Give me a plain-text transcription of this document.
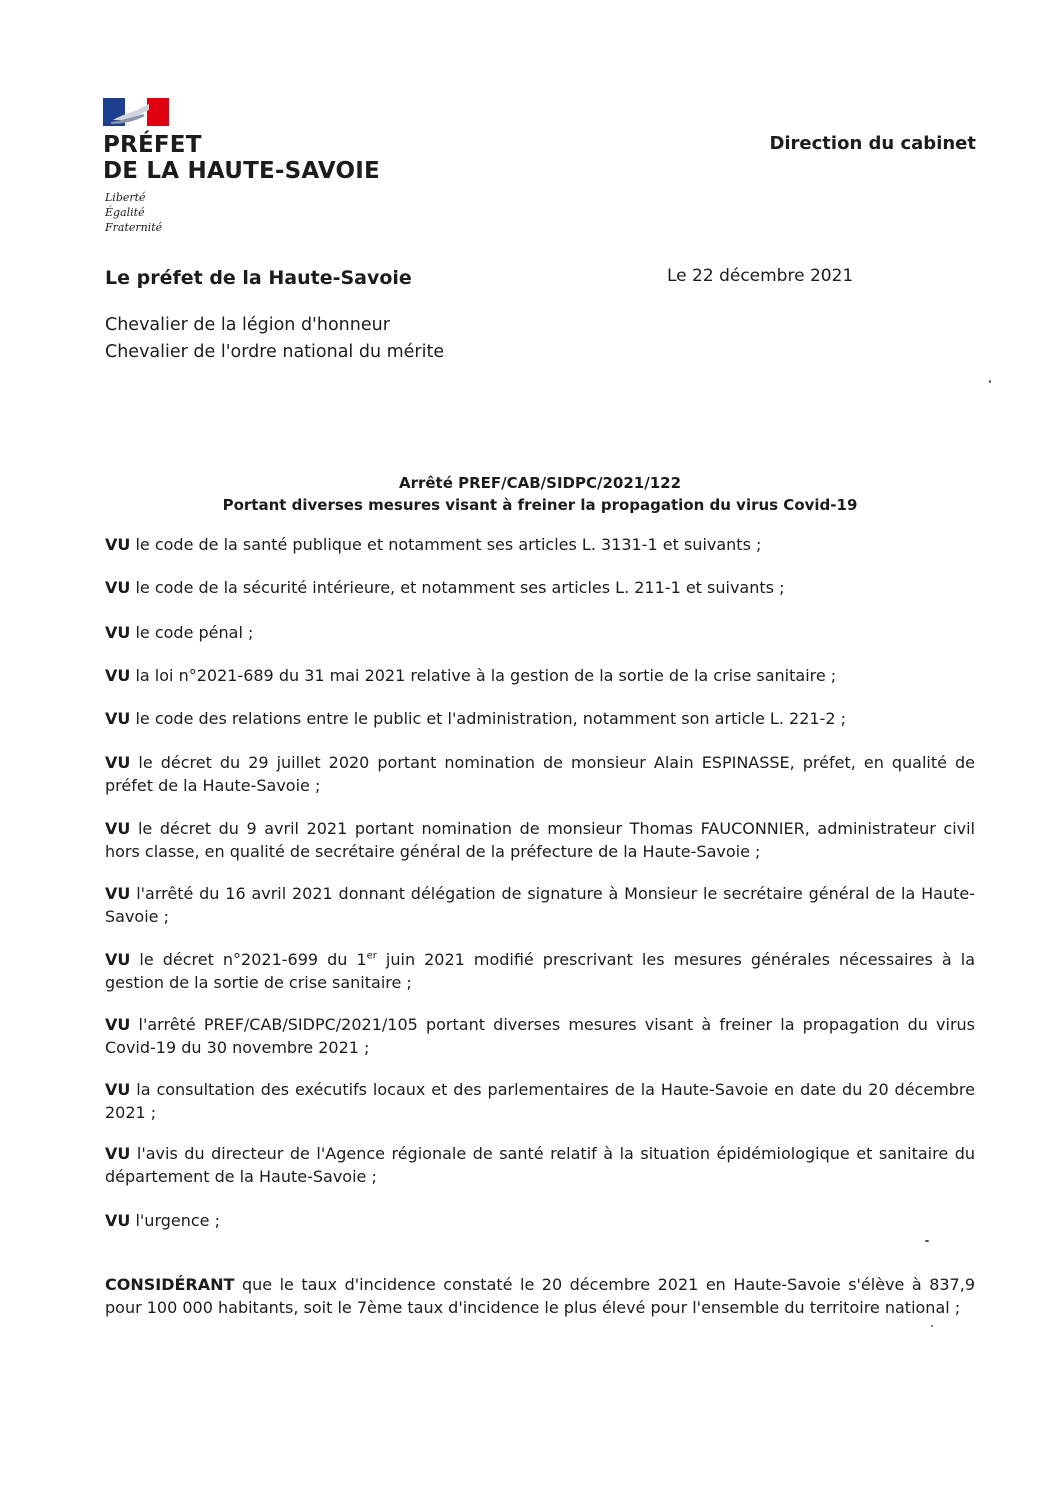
PRÉFET
DE LA HAUTE-SAVOIE
Liberté
Égalité
Fraternité
Direction du cabinet
Le préfet de la Haute-Savoie	Le 22 décembre 2021
Chevalier de la légion d'honneur
Chevalier de l'ordre national du mérite
Arrêté PREF/CAB/SIDPC/2021/122
Portant diverses mesures visant à freiner la propagation du virus Covid-19

VU le code de la santé publique et notamment ses articles L. 3131-1 et suivants ;

VU le code de la sécurité intérieure, et notamment ses articles L. 211-1 et suivants ;

VU le code pénal ;

VU la loi n°2021-689 du 31 mai 2021 relative à la gestion de la sortie de la crise sanitaire ;

VU le code des relations entre le public et l'administration, notamment son article L. 221-2 ;

VU le décret du 29 juillet 2020 portant nomination de monsieur Alain ESPINASSE, préfet, en qualité de préfet de la Haute-Savoie ;

VU le décret du 9 avril 2021 portant nomination de monsieur Thomas FAUCONNIER, administrateur civil hors classe, en qualité de secrétaire général de la préfecture de la Haute-Savoie ;

VU l'arrêté du 16 avril 2021 donnant délégation de signature à Monsieur le secrétaire général de la Haute-Savoie ;

VU le décret n°2021-699 du 1er juin 2021 modifié prescrivant les mesures générales nécessaires à la gestion de la sortie de crise sanitaire ;

VU l'arrêté PREF/CAB/SIDPC/2021/105 portant diverses mesures visant à freiner la propagation du virus Covid-19 du 30 novembre 2021 ;

VU la consultation des exécutifs locaux et des parlementaires de la Haute-Savoie en date du 20 décembre 2021 ;

VU l'avis du directeur de l'Agence régionale de santé relatif à la situation épidémiologique et sanitaire du département de la Haute-Savoie ;

VU l'urgence ;

CONSIDÉRANT que le taux d'incidence constaté le 20 décembre 2021 en Haute-Savoie s'élève à 837,9 pour 100 000 habitants, soit le 7ème taux d'incidence le plus élevé pour l'ensemble du territoire national ;
